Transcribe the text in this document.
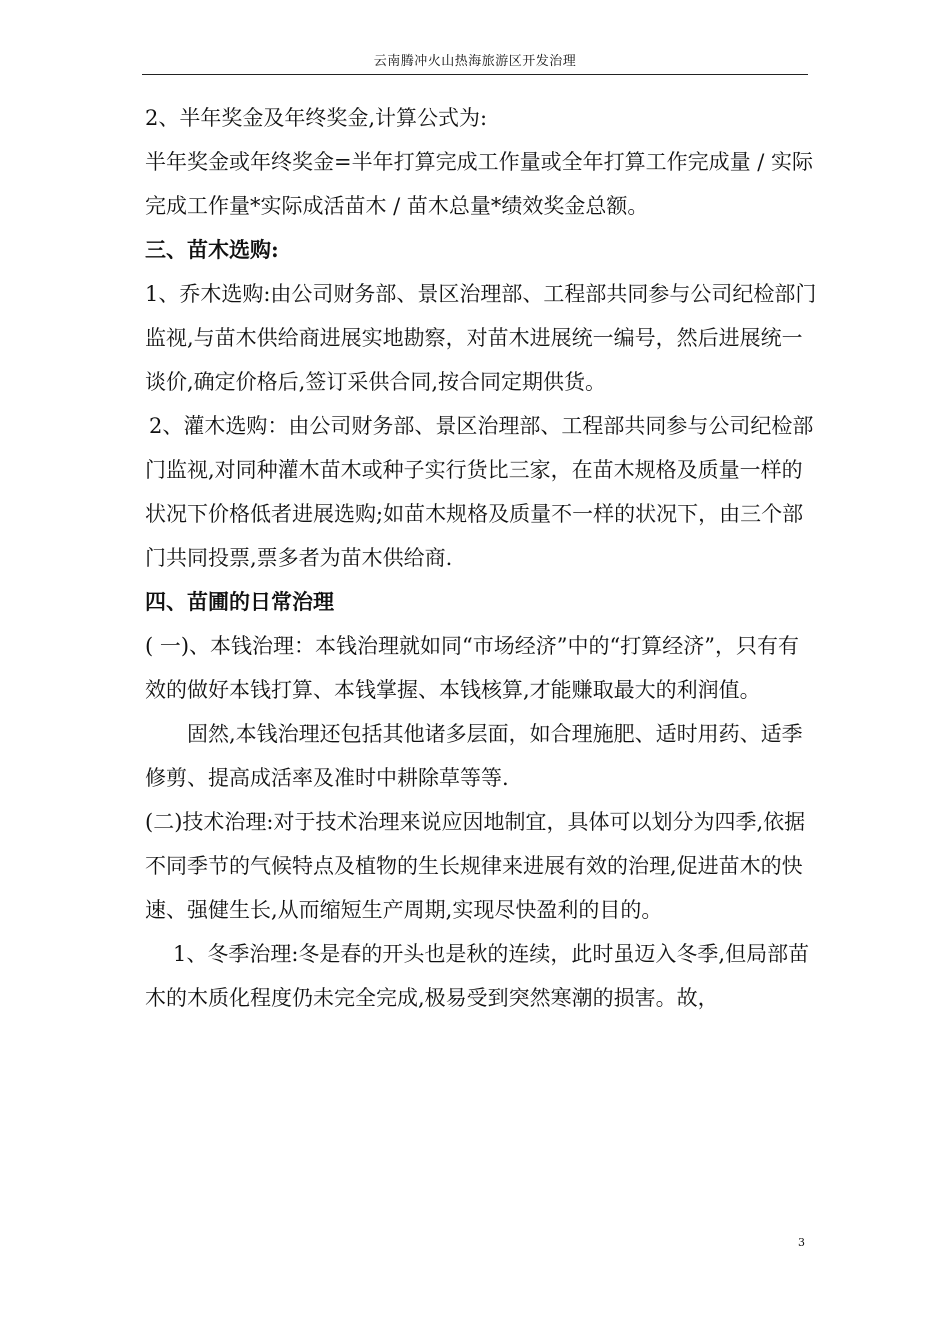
云南腾冲火山热海旅游区开发治理

2、半年奖金及年终奖金,计算公式为:

半年奖金或年终奖金=半年打算完成工作量或全年打算工作完成量 / 实际完成工作量*实际成活苗木 / 苗木总量*绩效奖金总额。

三、苗木选购:

1、乔木选购:由公司财务部、景区治理部、工程部共同参与公司纪检部门监视,与苗木供给商进展实地勘察，对苗木进展统一编号，然后进展统一谈价,确定价格后,签订采供合同,按合同定期供货。

2、灌木选购：由公司财务部、景区治理部、工程部共同参与公司纪检部门监视,对同种灌木苗木或种子实行货比三家，在苗木规格及质量一样的状况下价格低者进展选购;如苗木规格及质量不一样的状况下，由三个部门共同投票,票多者为苗木供给商.

四、苗圃的日常治理

( 一)、本钱治理：本钱治理就如同“市场经济”中的“打算经济”，只有有效的做好本钱打算、本钱掌握、本钱核算,才能赚取最大的利润值。

固然,本钱治理还包括其他诸多层面，如合理施肥、适时用药、适季修剪、提高成活率及准时中耕除草等等.

(二)技术治理:对于技术治理来说应因地制宜，具体可以划分为四季,依据不同季节的气候特点及植物的生长规律来进展有效的治理,促进苗木的快速、强健生长,从而缩短生产周期,实现尽快盈利的目的。

1、冬季治理:冬是春的开头也是秋的连续，此时虽迈入冬季,但局部苗木的木质化程度仍未完全完成,极易受到突然寒潮的损害。故，

3
